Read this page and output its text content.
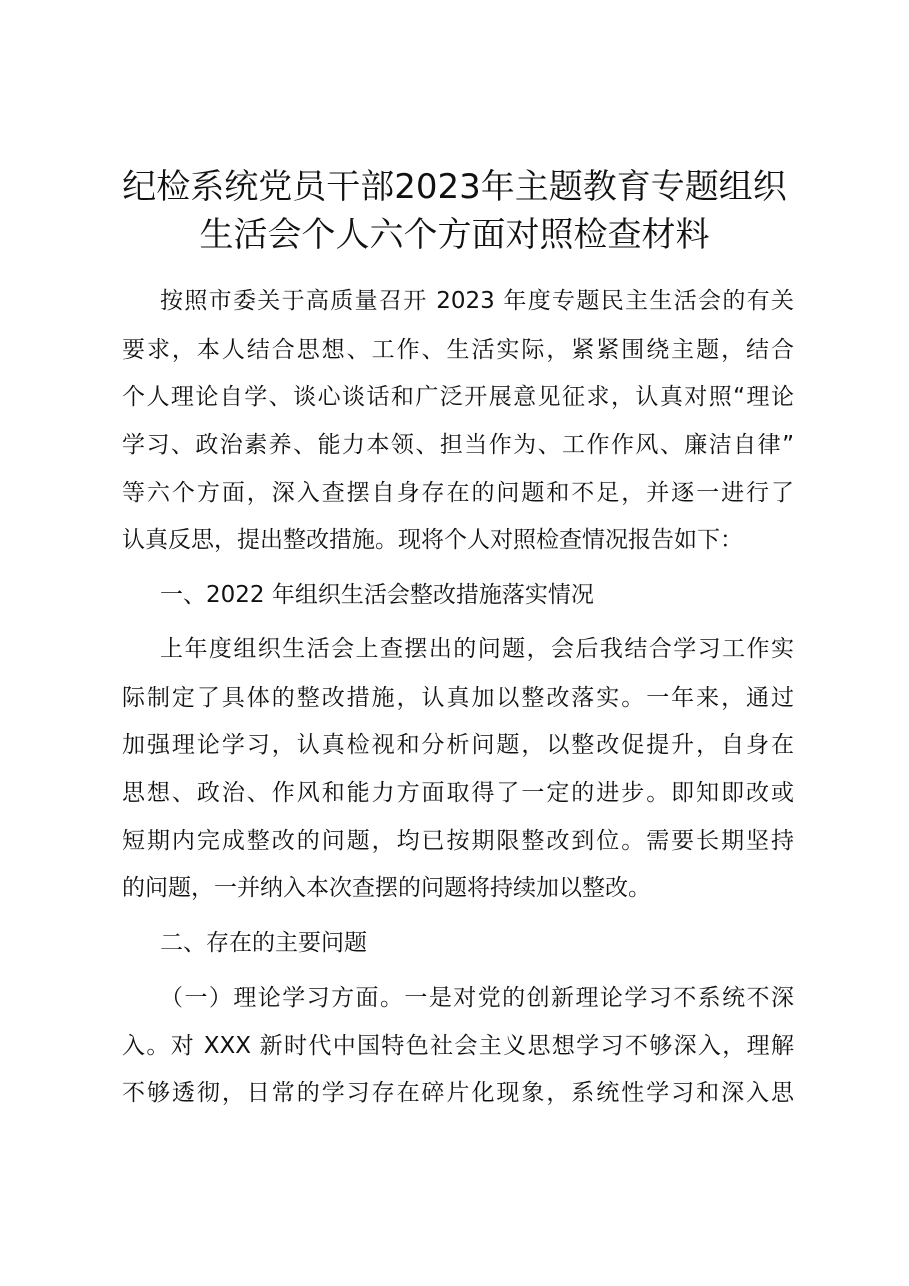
纪检系统党员干部2023年主题教育专题组织
生活会个人六个方面对照检查材料
按照市委关于高质量召开 2023 年度专题民主生活会的有关
要求，本人结合思想、工作、生活实际，紧紧围绕主题，结合
个人理论自学、谈心谈话和广泛开展意见征求，认真对照“理论
学习、政治素养、能力本领、担当作为、工作作风、廉洁自律”
等六个方面，深入查摆自身存在的问题和不足，并逐一进行了
认真反思，提出整改措施。现将个人对照检查情况报告如下：
一、2022 年组织生活会整改措施落实情况
上年度组织生活会上查摆出的问题，会后我结合学习工作实
际制定了具体的整改措施，认真加以整改落实。一年来，通过
加强理论学习，认真检视和分析问题，以整改促提升，自身在
思想、政治、作风和能力方面取得了一定的进步。即知即改或
短期内完成整改的问题，均已按期限整改到位。需要长期坚持
的问题，一并纳入本次查摆的问题将持续加以整改。
二、存在的主要问题
（一）理论学习方面。一是对党的创新理论学习不系统不深
入。对 XXX 新时代中国特色社会主义思想学习不够深入，理解
不够透彻，日常的学习存在碎片化现象，系统性学习和深入思
